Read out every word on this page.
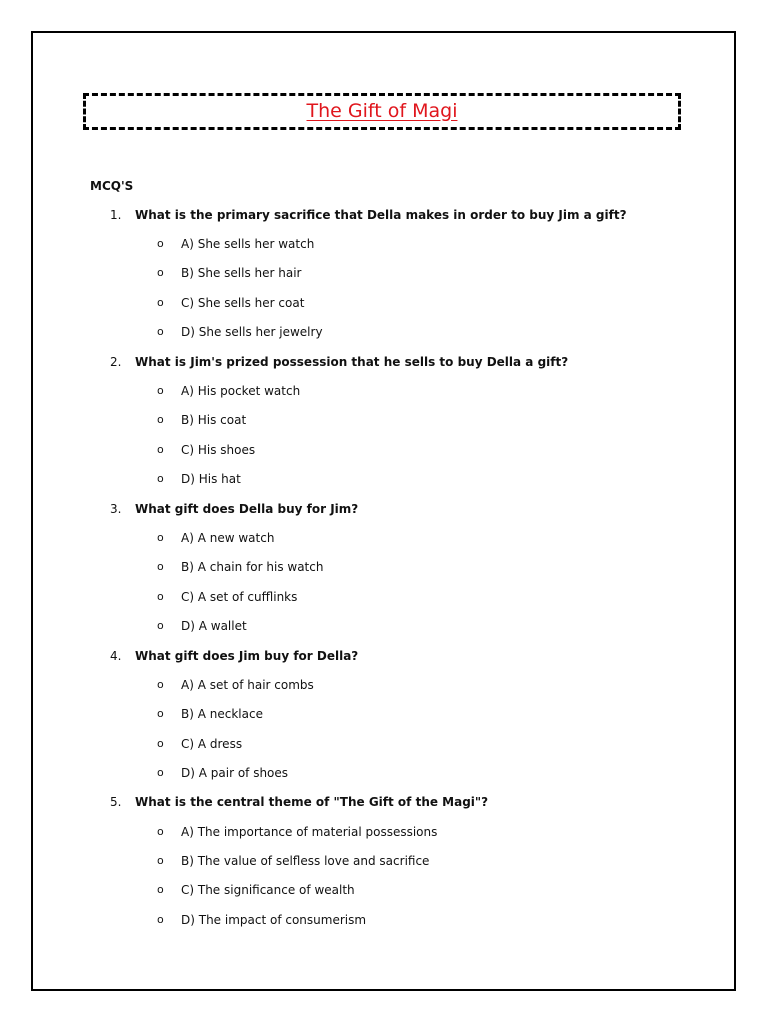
The Gift of Magi
MCQ'S
1.	What is the primary sacrifice that Della makes in order to buy Jim a gift?
o	A) She sells her watch
o	B) She sells her hair
o	C) She sells her coat
o	D) She sells her jewelry
2.	What is Jim's prized possession that he sells to buy Della a gift?
o	A) His pocket watch
o	B) His coat
o	C) His shoes
o	D) His hat
3.	What gift does Della buy for Jim?
o	A) A new watch
o	B) A chain for his watch
o	C) A set of cufflinks
o	D) A wallet
4.	What gift does Jim buy for Della?
o	A) A set of hair combs
o	B) A necklace
o	C) A dress
o	D) A pair of shoes
5.	What is the central theme of "The Gift of the Magi"?
o	A) The importance of material possessions
o	B) The value of selfless love and sacrifice
o	C) The significance of wealth
o	D) The impact of consumerism
